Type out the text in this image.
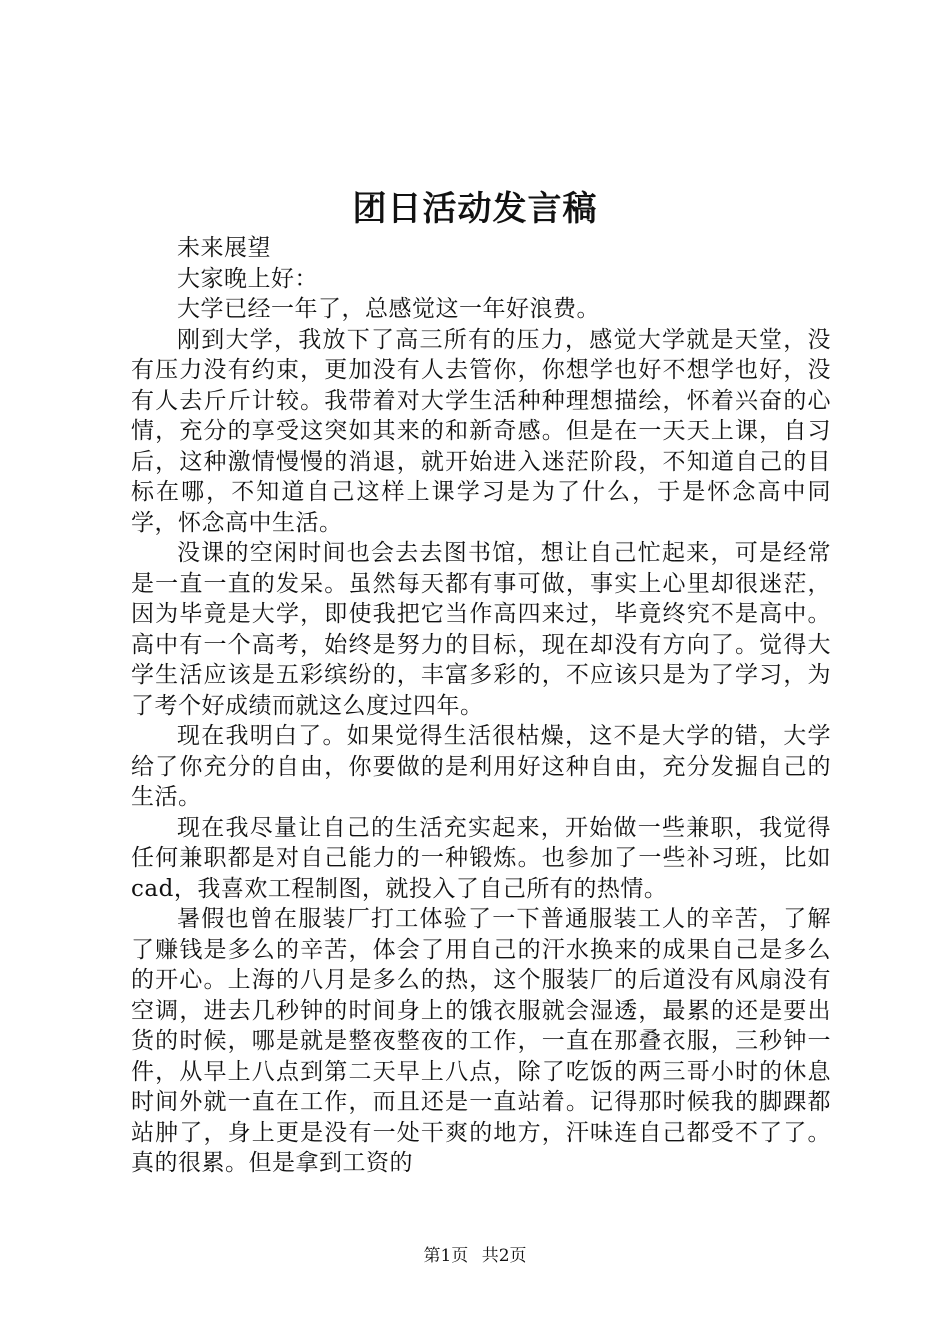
团日活动发言稿

未来展望

大家晚上好：

大学已经一年了，总感觉这一年好浪费。

刚到大学，我放下了高三所有的压力，感觉大学就是天堂，没有压力没有约束，更加没有人去管你，你想学也好不想学也好，没有人去斤斤计较。我带着对大学生活种种理想描绘，怀着兴奋的心情，充分的享受这突如其来的和新奇感。但是在一天天上课，自习后，这种激情慢慢的消退，就开始进入迷茫阶段，不知道自己的目标在哪，不知道自己这样上课学习是为了什么，于是怀念高中同学，怀念高中生活。

没课的空闲时间也会去去图书馆，想让自己忙起来，可是经常是一直一直的发呆。虽然每天都有事可做，事实上心里却很迷茫，因为毕竟是大学，即使我把它当作高四来过，毕竟终究不是高中。高中有一个高考，始终是努力的目标，现在却没有方向了。觉得大学生活应该是五彩缤纷的，丰富多彩的，不应该只是为了学习，为了考个好成绩而就这么度过四年。

现在我明白了。如果觉得生活很枯燥，这不是大学的错，大学给了你充分的自由，你要做的是利用好这种自由，充分发掘自己的生活。

现在我尽量让自己的生活充实起来，开始做一些兼职，我觉得任何兼职都是对自己能力的一种锻炼。也参加了一些补习班，比如cad，我喜欢工程制图，就投入了自己所有的热情。

暑假也曾在服装厂打工体验了一下普通服装工人的辛苦，了解了赚钱是多么的辛苦，体会了用自己的汗水换来的成果自己是多么的开心。上海的八月是多么的热，这个服装厂的后道没有风扇没有空调，进去几秒钟的时间身上的饿衣服就会湿透，最累的还是要出货的时候，哪是就是整夜整夜的工作，一直在那叠衣服，三秒钟一件，从早上八点到第二天早上八点，除了吃饭的两三哥小时的休息时间外就一直在工作，而且还是一直站着。记得那时候我的脚踝都站肿了，身上更是没有一处干爽的地方，汗味连自己都受不了了。真的很累。但是拿到工资的

第1页 共2页
